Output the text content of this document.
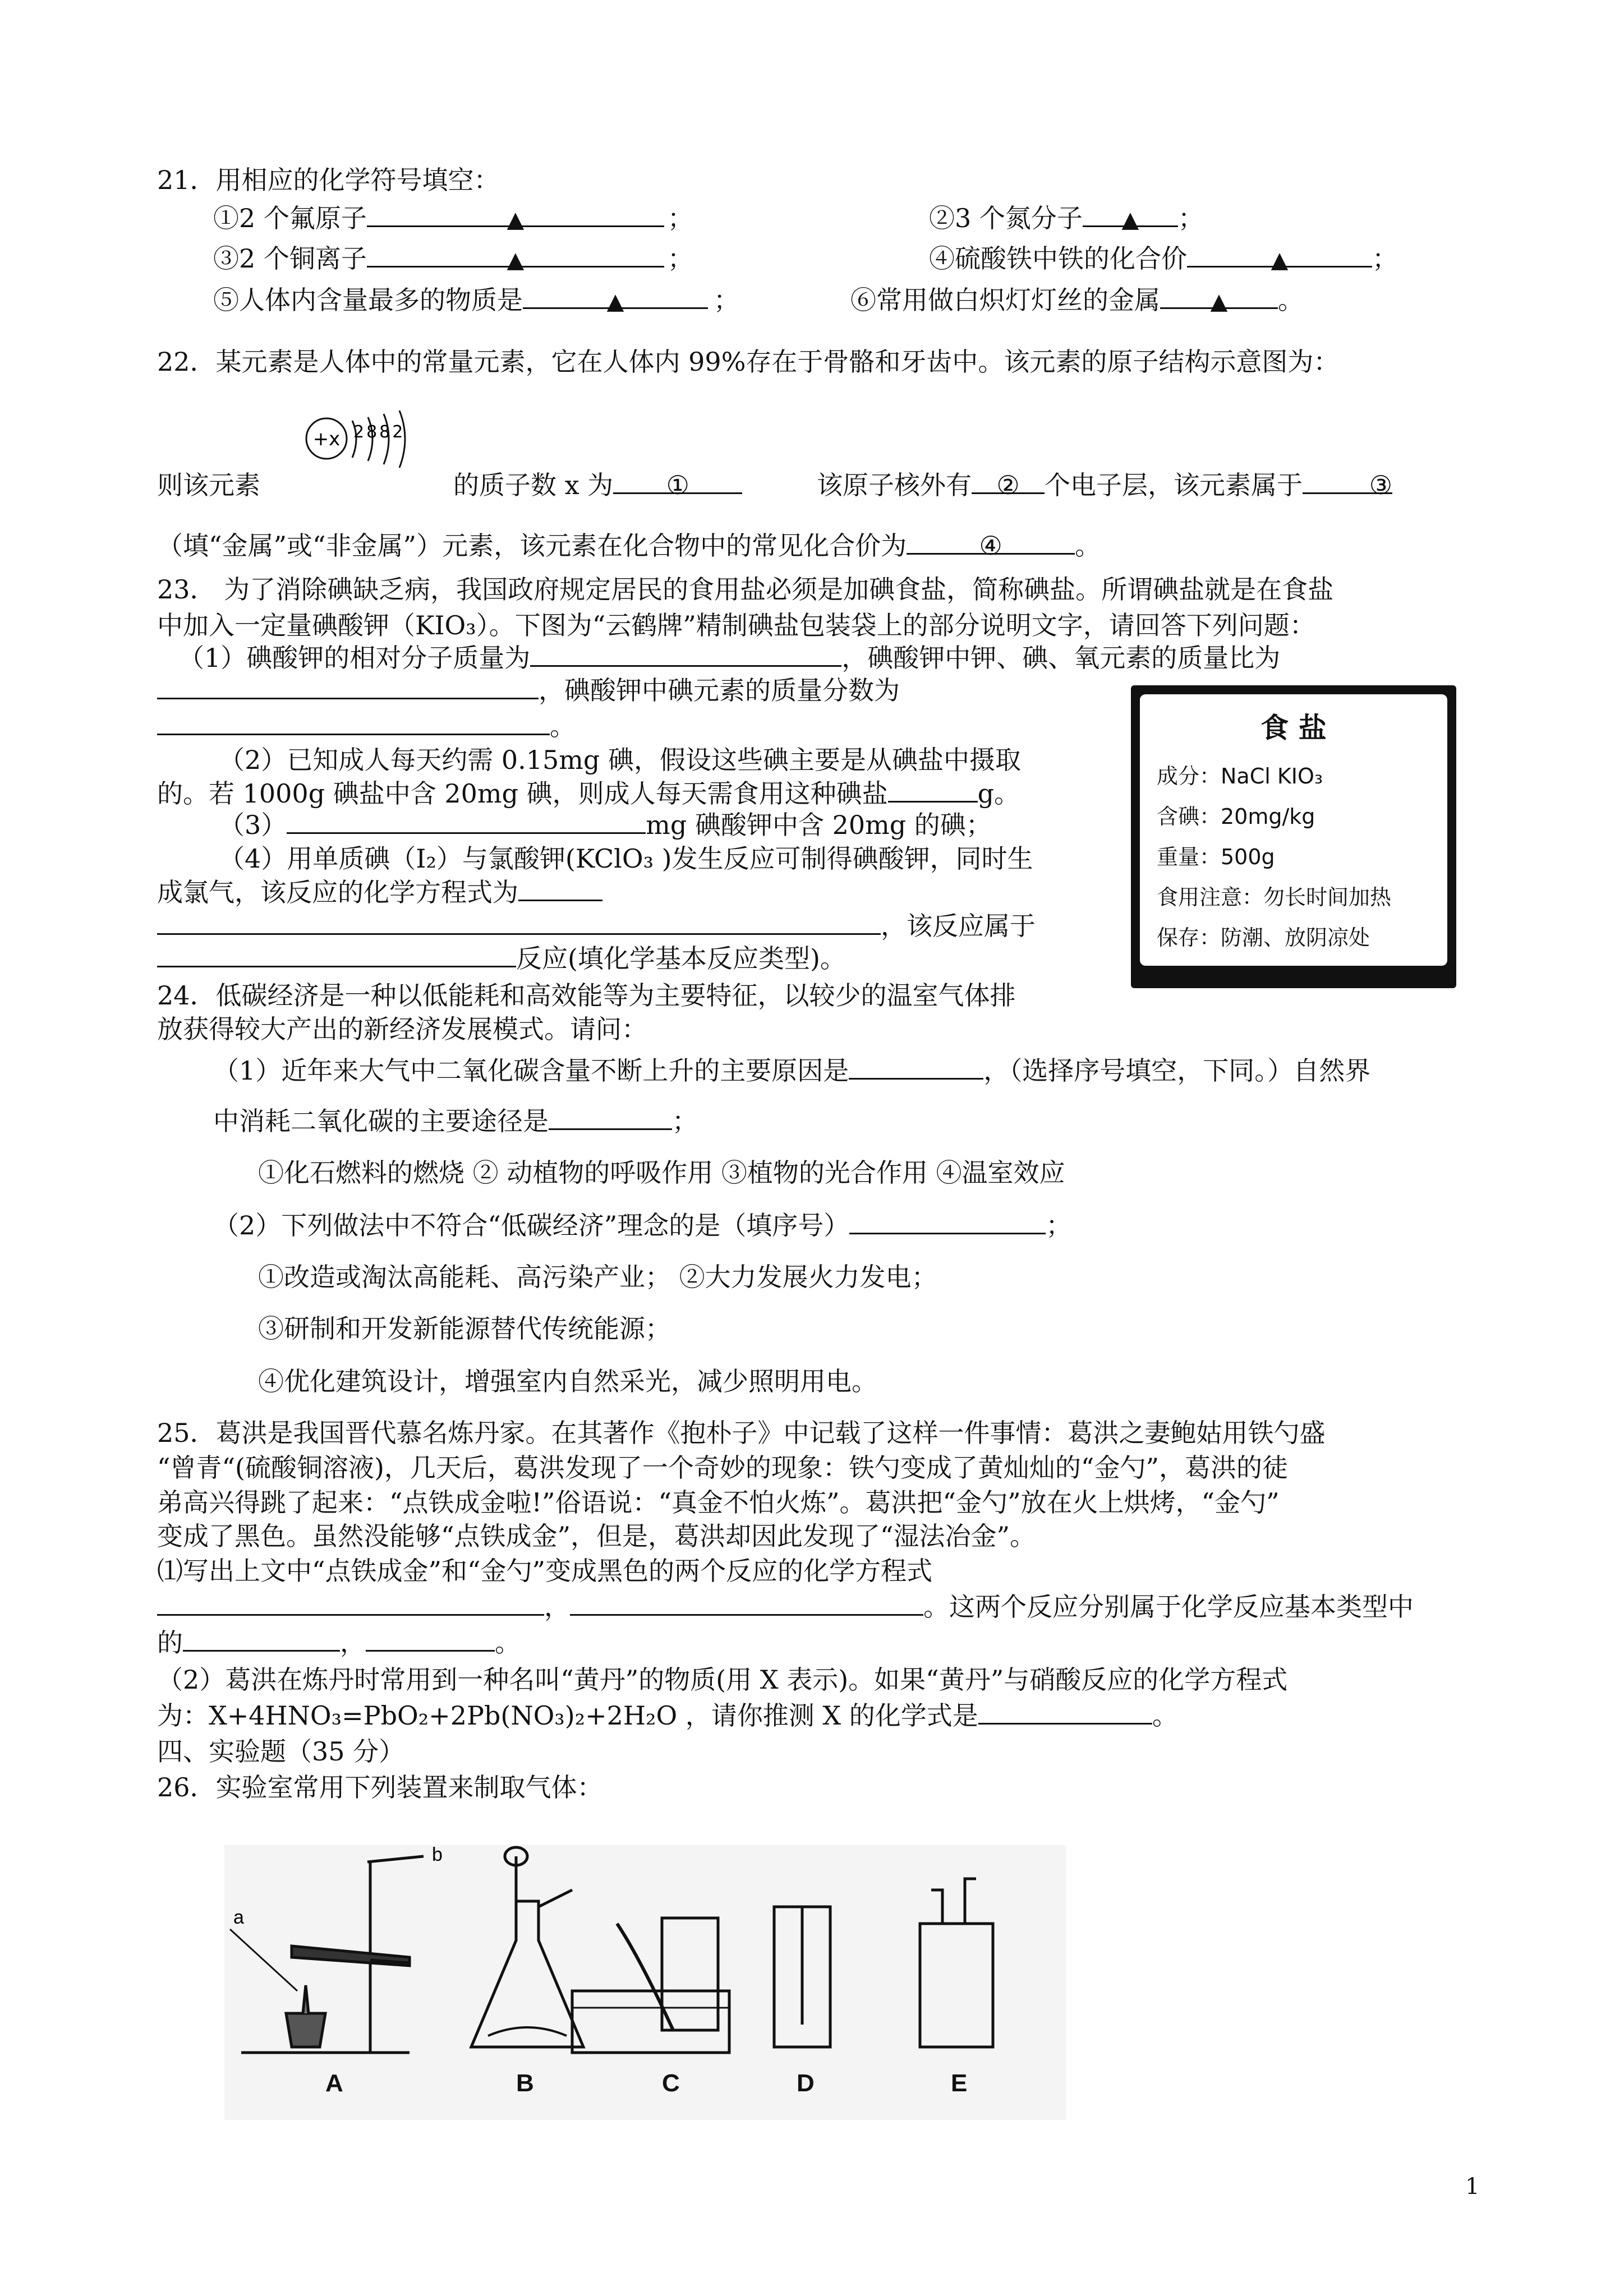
21．用相应的化学符号填空：
①2 个氟原子	▲	；	②3 个氮分子 ▲ ；
③2 个铜离子	▲	；	④硫酸铁中铁的化合价	▲	；
⑤人体内含量最多的物质是	▲	；	⑥常用做白炽灯灯丝的金属 ▲ 。
22．某元素是人体中的常量元素，它在人体内 99%存在于骨骼和牙齿中。该元素的原子结构示意图为：
+x 2882
则该元素	的质子数 x 为 ①	该原子核外有 ② 个电子层，该元素属于	③
（填“金属”或“非金属”）元素，该元素在化合物中的常见化合价为	④	。
23． 为了消除碘缺乏病，我国政府规定居民的食用盐必须是加碘食盐，简称碘盐。所谓碘盐就是在食盐
中加入一定量碘酸钾（KIO₃）。下图为“云鹤牌”精制碘盐包装袋上的部分说明文字，请回答下列问题：
（1）碘酸钾的相对分子质量为	，碘酸钾中钾、碘、氧元素的质量比为
，碘酸钾中碘元素的质量分数为
。
（2）已知成人每天约需 0.15mg 碘，假设这些碘主要是从碘盐中摄取
的。若 1000g 碘盐中含 20mg 碘，则成人每天需食用这种碘盐	g。
（3）	mg 碘酸钾中含 20mg 的碘；
（4）用单质碘（I₂）与氯酸钾(KClO₃ )发生反应可制得碘酸钾，同时生
成氯气，该反应的化学方程式为
，该反应属于
反应(填化学基本反应类型)。
食 盐
成分：NaCl KIO₃
含碘：20mg/kg
重量：500g
食用注意：勿长时间加热
保存：防潮、放阴凉处
24．低碳经济是一种以低能耗和高效能等为主要特征，以较少的温室气体排
放获得较大产出的新经济发展模式。请问：
（1）近年来大气中二氧化碳含量不断上升的主要原因是	，（选择序号填空，下同。）自然界
中消耗二氧化碳的主要途径是	；
①化石燃料的燃烧 ② 动植物的呼吸作用 ③植物的光合作用 ④温室效应
（2）下列做法中不符合“低碳经济”理念的是（填序号）	；
①改造或淘汰高能耗、高污染产业； ②大力发展火力发电；
③研制和开发新能源替代传统能源；
④优化建筑设计，增强室内自然采光，减少照明用电。
25．葛洪是我国晋代慕名炼丹家。在其著作《抱朴子》中记载了这样一件事情：葛洪之妻鲍姑用铁勺盛
“曾青“(硫酸铜溶液)，几天后，葛洪发现了一个奇妙的现象：铁勺变成了黄灿灿的“金勺”，葛洪的徒
弟高兴得跳了起来：“点铁成金啦!”俗语说：“真金不怕火炼”。葛洪把“金勺”放在火上烘烤，“金勺”
变成了黑色。虽然没能够“点铁成金”，但是，葛洪却因此发现了“湿法冶金”。
⑴写出上文中“点铁成金”和“金勺”变成黑色的两个反应的化学方程式
，	。这两个反应分别属于化学反应基本类型中
的	，	。
（2）葛洪在炼丹时常用到一种名叫“黄丹”的物质(用 X 表示)。如果“黄丹”与硝酸反应的化学方程式
为：X+4HNO₃=PbO₂+2Pb(NO₃)₂+2H₂O ，请你推测 X 的化学式是	。
四、实验题（35 分）
26．实验室常用下列装置来制取气体：
a
b
A	B	C	D	E
1
